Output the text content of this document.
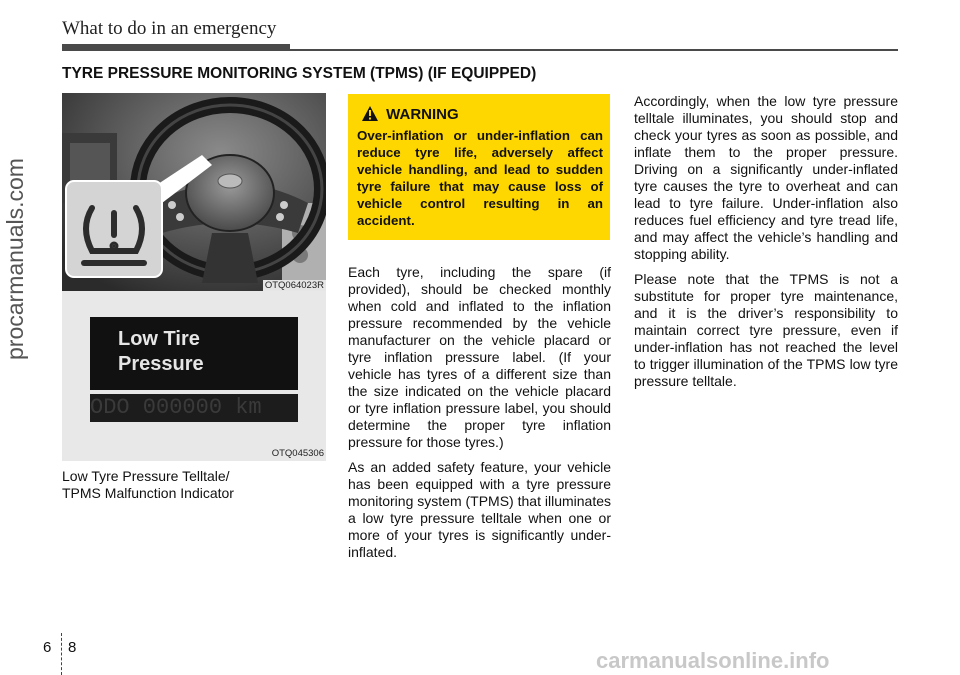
What to do in an emergency
TYRE PRESSURE MONITORING SYSTEM (TPMS) (IF EQUIPPED)
OTQ064023R
Low Tire
Pressure
ODO 000000 km
OTQ045306
Low Tyre Pressure Telltale/
TPMS Malfunction Indicator
WARNING
Over-inflation or under-inflation can reduce tyre life, adversely affect vehicle handling, and lead to sudden tyre failure that may cause loss of vehicle control resulting in an accident.

Each tyre, including the spare (if provided), should be checked monthly when cold and inflated to the inflation pressure recommended by the vehicle manufacturer on the vehicle placard or tyre inflation pressure label. (If your vehicle has tyres of a different size than the size indicated on the vehicle placard or tyre inflation pressure label, you should determine the proper tyre inflation pressure for those tyres.)

As an added safety feature, your vehicle has been equipped with a tyre pressure monitoring system (TPMS) that illuminates a low tyre pressure telltale when one or more of your tyres is significantly under-inflated.

Accordingly, when the low tyre pressure telltale illuminates, you should stop and check your tyres as soon as possible, and inflate them to the proper pressure. Driving on a significantly under-inflated tyre causes the tyre to overheat and can lead to tyre failure. Under-inflation also reduces fuel efficiency and tyre tread life, and may affect the vehicle’s handling and stopping ability.

Please note that the TPMS is not a substitute for proper tyre maintenance, and it is the driver’s responsibility to maintain correct tyre pressure, even if under-inflation has not reached the level to trigger illumination of the TPMS low tyre pressure telltale.

procarmanuals.com
6 8
carmanualsonline.info
